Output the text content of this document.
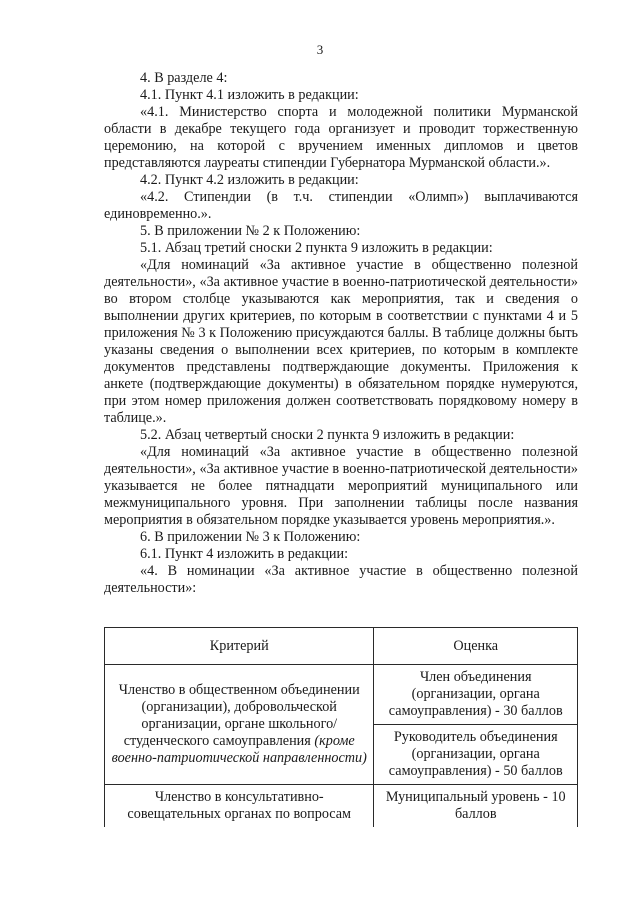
3

4. В разделе 4:

4.1. Пункт 4.1 изложить в редакции:

«4.1. Министерство спорта и молодежной политики Мурманской области в декабре текущего года организует и проводит торжественную церемонию, на которой с вручением именных дипломов и цветов представляются лауреаты стипендии Губернатора Мурманской области.».

4.2. Пункт 4.2 изложить в редакции:

«4.2. Стипендии (в т.ч. стипендии «Олимп») выплачиваются единовременно.».

5. В приложении № 2 к Положению:

5.1. Абзац третий сноски 2 пункта 9 изложить в редакции:

«Для номинаций «За активное участие в общественно полезной деятельности», «За активное участие в военно-патриотической деятельности» во втором столбце указываются как мероприятия, так и сведения о выполнении других критериев, по которым в соответствии с пунктами 4 и 5 приложения № 3 к Положению присуждаются баллы. В таблице должны быть указаны сведения о выполнении всех критериев, по которым в комплекте документов представлены подтверждающие документы. Приложения к анкете (подтверждающие документы) в обязательном порядке нумеруются, при этом номер приложения должен соответствовать порядковому номеру в таблице.».

5.2. Абзац четвертый сноски 2 пункта 9 изложить в редакции:

«Для номинаций «За активное участие в общественно полезной деятельности», «За активное участие в военно-патриотической деятельности» указывается не более пятнадцати мероприятий муниципального или межмуниципального уровня. При заполнении таблицы после названия мероприятия в обязательном порядке указывается уровень мероприятия.».

6. В приложении № 3 к Положению:

6.1. Пункт 4 изложить в редакции:

«4. В номинации «За активное участие в общественно полезной деятельности»:

Критерий	Оценка
Членство в общественном объединении (организации), добровольческой организации, органе школьного/студенческого самоуправления (кроме военно-патриотической направленности)	Член объединения (организации, органа самоуправления) - 30 баллов
	Руководитель объединения (организации, органа самоуправления) - 50 баллов
Членство в консультативно-совещательных органах по вопросам	Муниципальный уровень - 10 баллов
